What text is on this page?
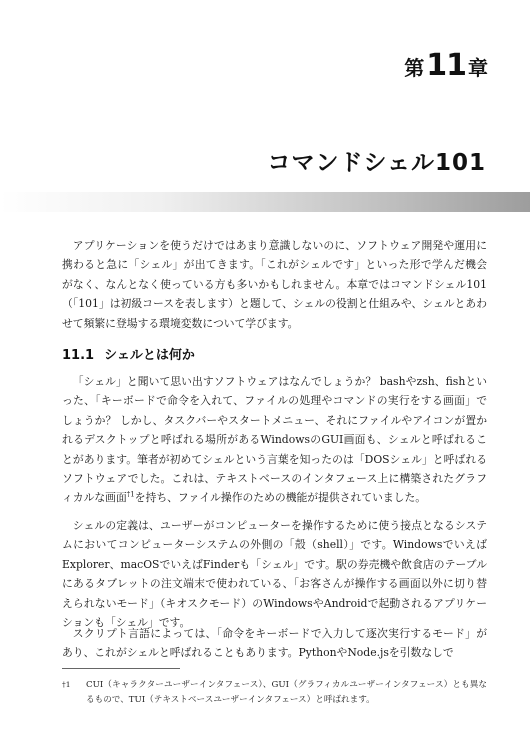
第 11 章
コマンドシェル101
アプリケーションを使うだけではあまり意識しないのに、ソフトウェア開発や運用に携わると急に「シェル」が出てきます。「これがシェルです」といった形で学んだ機会がなく、なんとなく使っている方も多いかもしれません。本章ではコマンドシェル101（「101」は初級コースを表します）と題して、シェルの役割と仕組みや、シェルとあわせて頻繁に登場する環境変数について学びます。
11.1 シェルとは何か
「シェル」と聞いて思い出すソフトウェアはなんでしょうか？ bashやzsh、fishといった、「キーボードで命令を入れて、ファイルの処理やコマンドの実行をする画面」でしょうか？ しかし、タスクバーやスタートメニュー、それにファイルやアイコンが置かれるデスクトップと呼ばれる場所があるWindowsのGUI画面も、シェルと呼ばれることがあります。筆者が初めてシェルという言葉を知ったのは「DOSシェル」と呼ばれるソフトウェアでした。これは、テキストベースのインタフェース上に構築されたグラフィカルな画面$^{\dagger 1}$を持ち、ファイル操作のための機能が提供されていました。
シェルの定義は、ユーザーがコンピューターを操作するために使う接点となるシステムにおいてコンピューターシステムの外側の「殻（shell）」です。Windowsでいえば Explorer、macOSでいえばFinderも「シェル」です。駅の券売機や飲食店のテーブルにあるタブレットの注文端末で使われている、「お客さんが操作する画面以外に切り替えられないモード」（キオスクモード）のWindowsやAndroidで起動されるアプリケーションも「シェル」です。
スクリプト言語によっては、「命令をキーボードで入力して逐次実行するモード」があり、これがシェルと呼ばれることもあります。PythonやNode.jsを引数なしで
†1	CUI（キャラクターユーザーインタフェース）、GUI（グラフィカルユーザーインタフェース）とも異なるもので、TUI（テキストベースユーザーインタフェース）と呼ばれます。
